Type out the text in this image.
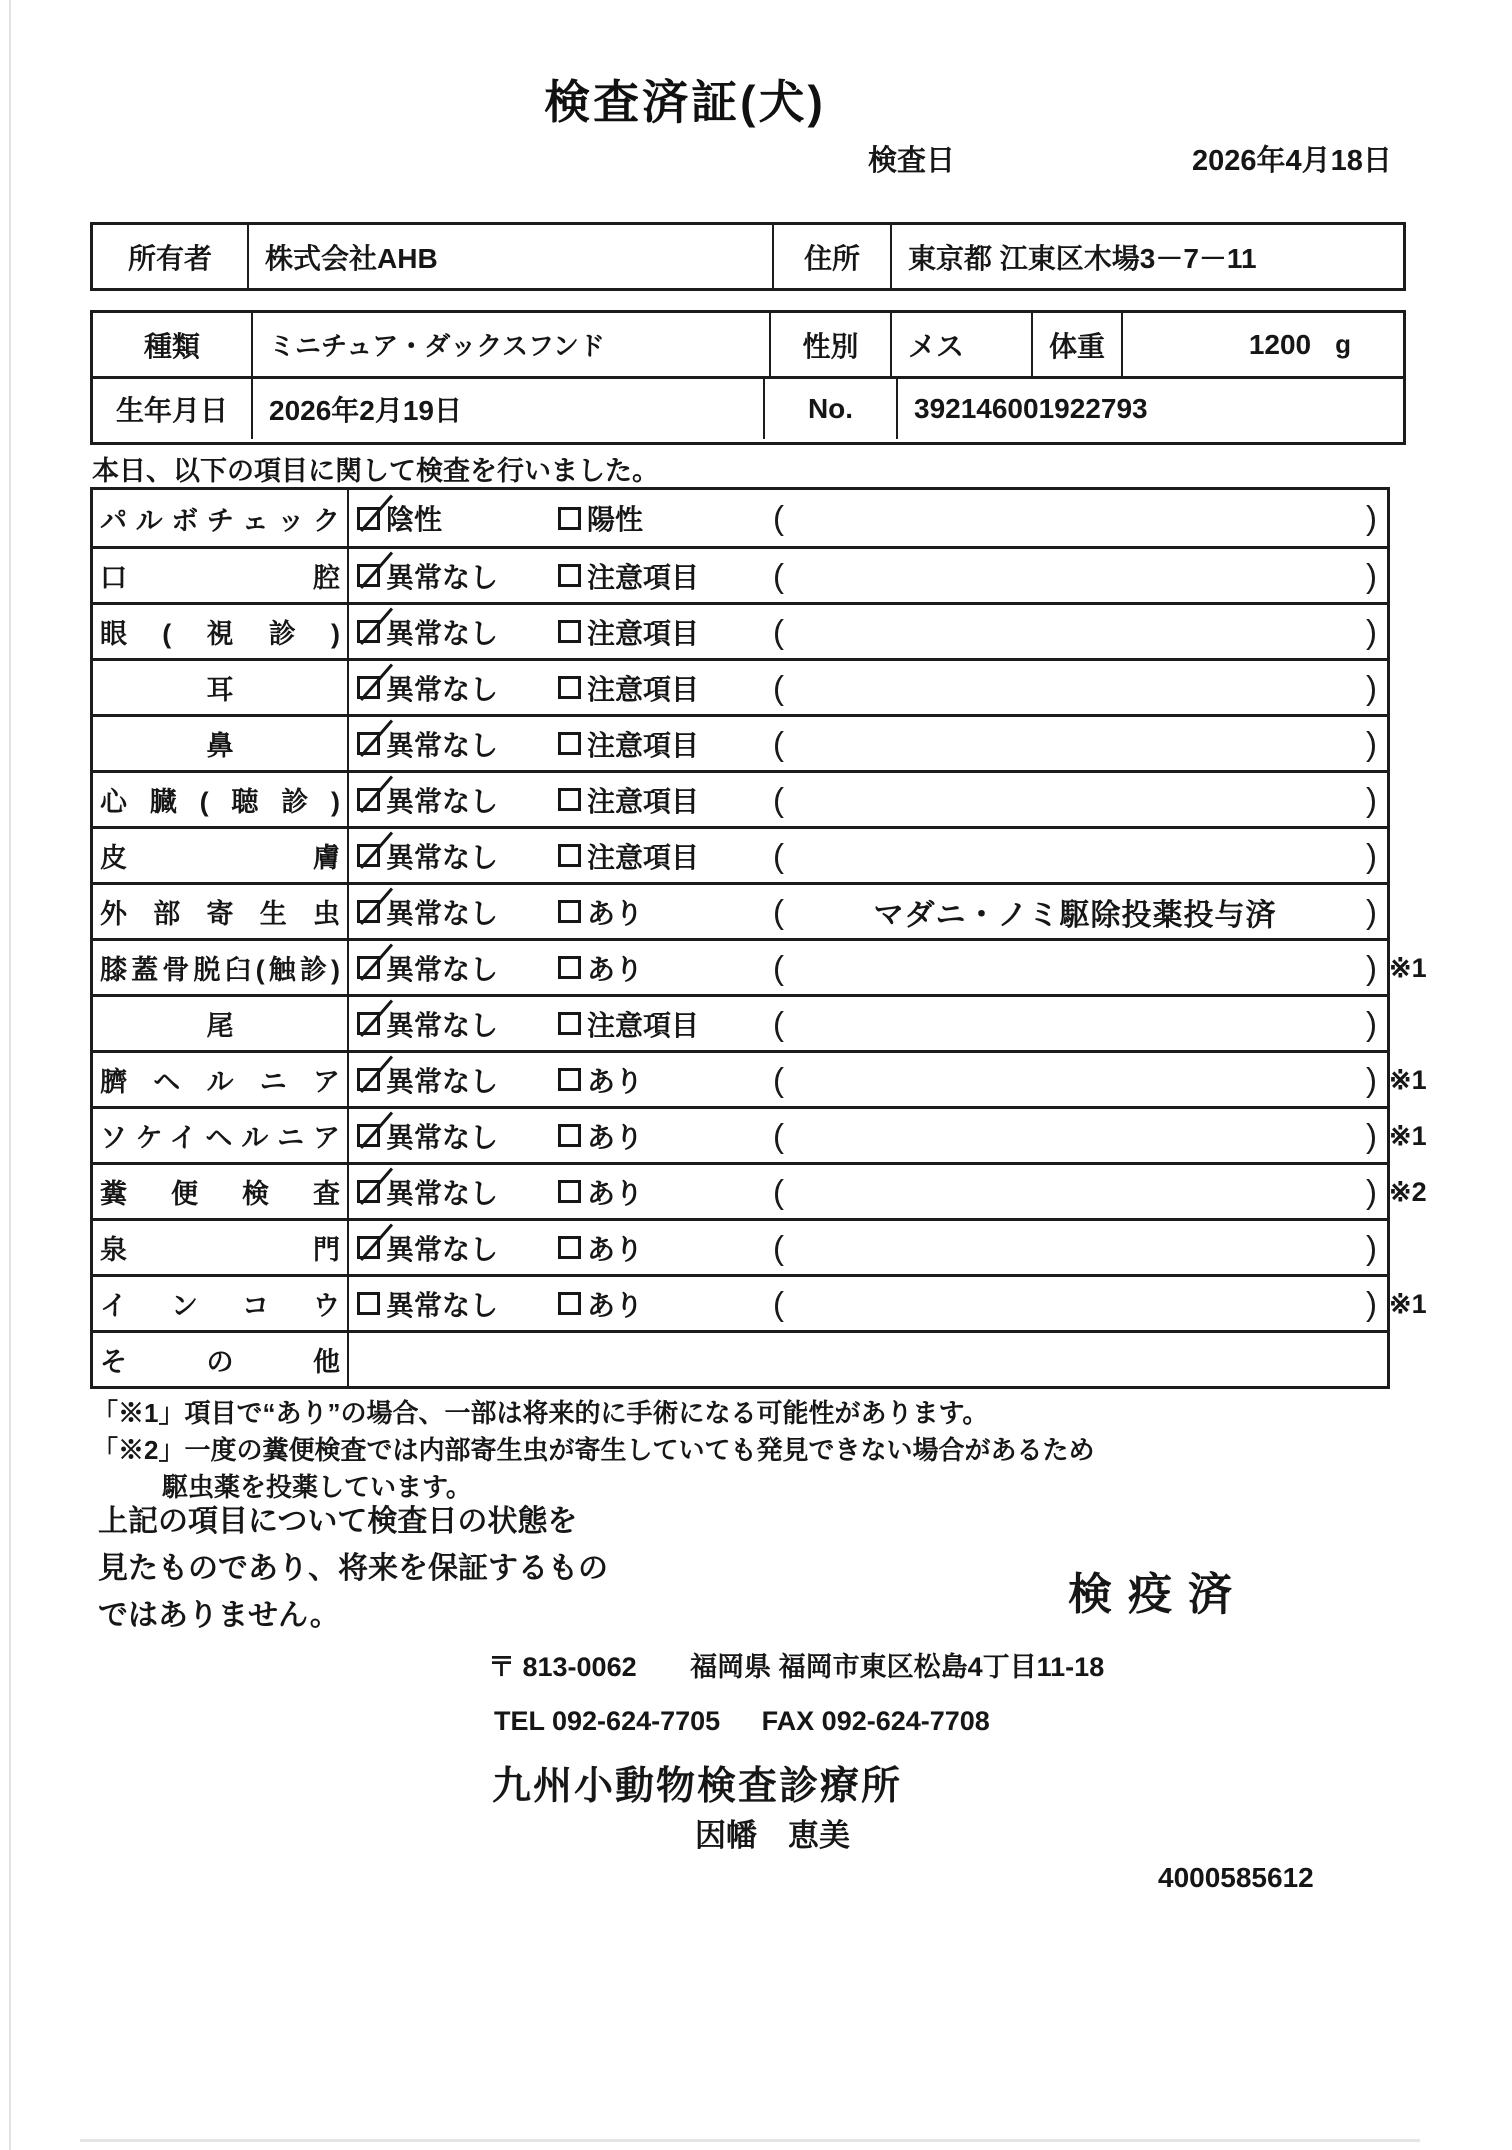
検査済証(犬)
検査日	2026年4月18日
所有者	株式会社AHB	住所	東京都 江東区木場3－7－11
種類	ミニチュア・ダックスフンド	性別	メス	体重	1200 g
生年月日	2026年2月19日	No.	392146001922793
本日、以下の項目に関して検査を行いました。
パルボチェック 陰性	陽性	(	)
口腔 異常なし	注意項目 (	)
眼(視診) 異常なし	注意項目 (	)
耳	異常なし	注意項目 (	)
鼻	異常なし	注意項目 (	)
心臓(聴診) 異常なし	注意項目 (	)
皮膚 異常なし	注意項目 (	)
外部寄生虫 異常なし	あり	(	マダニ・ノミ駆除投薬投与済	)
膝蓋骨脱臼(触診) 異常なし	あり	(	) ※1
尾	異常なし	注意項目 (	)
臍ヘルニア 異常なし	あり	(	) ※1
ソケイヘルニア 異常なし	あり	(	) ※1
糞便検査 異常なし	あり	(	) ※2
泉門 異常なし	あり	(	)
インコウ 異常なし	あり	(	) ※1
その他
「※1」項目で“あり”の場合、一部は将来的に手術になる可能性があります。
「※2」一度の糞便検査では内部寄生虫が寄生していても発見できない場合があるため
駆虫薬を投薬しています。
上記の項目について検査日の状態を
見たものであり、将来を保証するもの
ではありません。	検疫済
〒 813-0062 福岡県 福岡市東区松島4丁目11-18
TEL 092-624-7705 FAX 092-624-7708
九州小動物検査診療所
因幡　恵美
4000585612
